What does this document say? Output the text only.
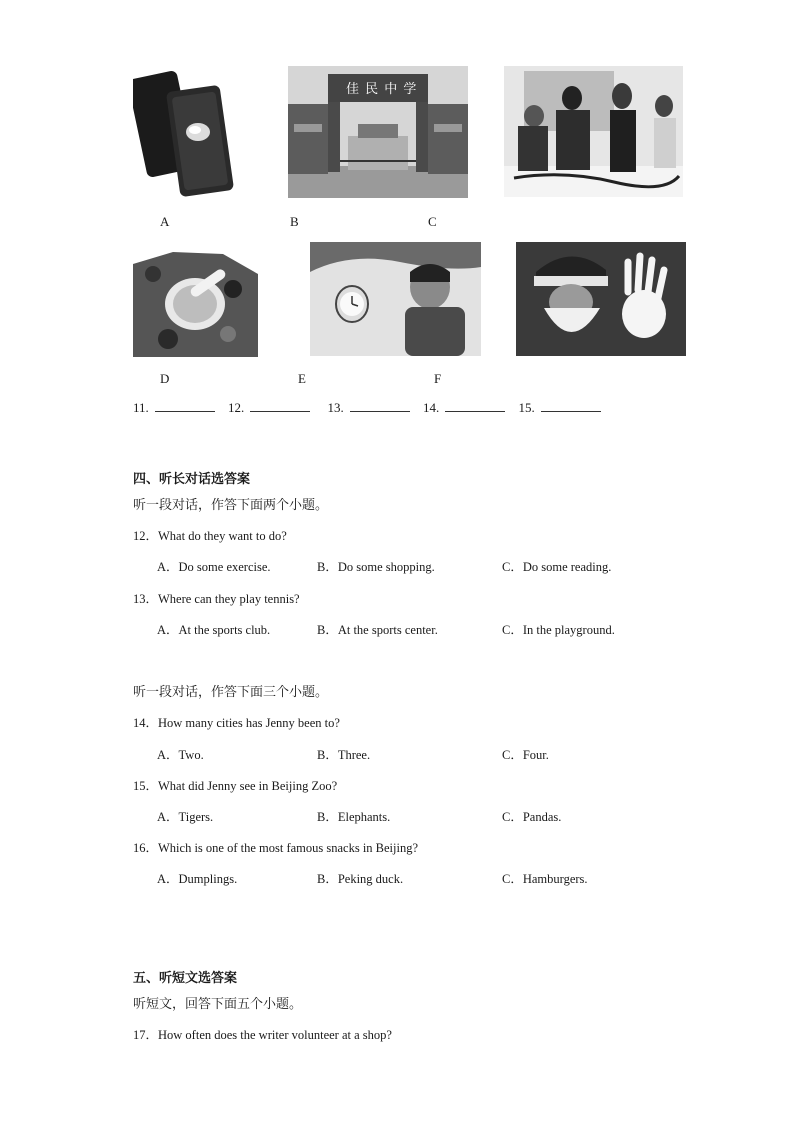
佳 民 中 学
A	B	C
D	E	F
11.	12.	13.	14.	15.
四、听长对话选答案
听一段对话，作答下面两个小题。
12．What do they want to do?
A．Do some exercise.	B．Do some shopping.	C．Do some reading.
13．Where can they play tennis?
A．At the sports club.	B．At the sports center.	C．In the playground.
听一段对话，作答下面三个小题。
14．How many cities has Jenny been to?
A．Two.	B．Three.	C．Four.
15．What did Jenny see in Beijing Zoo?
A．Tigers.	B．Elephants.	C．Pandas.
16．Which is one of the most famous snacks in Beijing?
A．Dumplings.	B．Peking duck.	C．Hamburgers.
五、听短文选答案
听短文，回答下面五个小题。
17．How often does the writer volunteer at a shop?
